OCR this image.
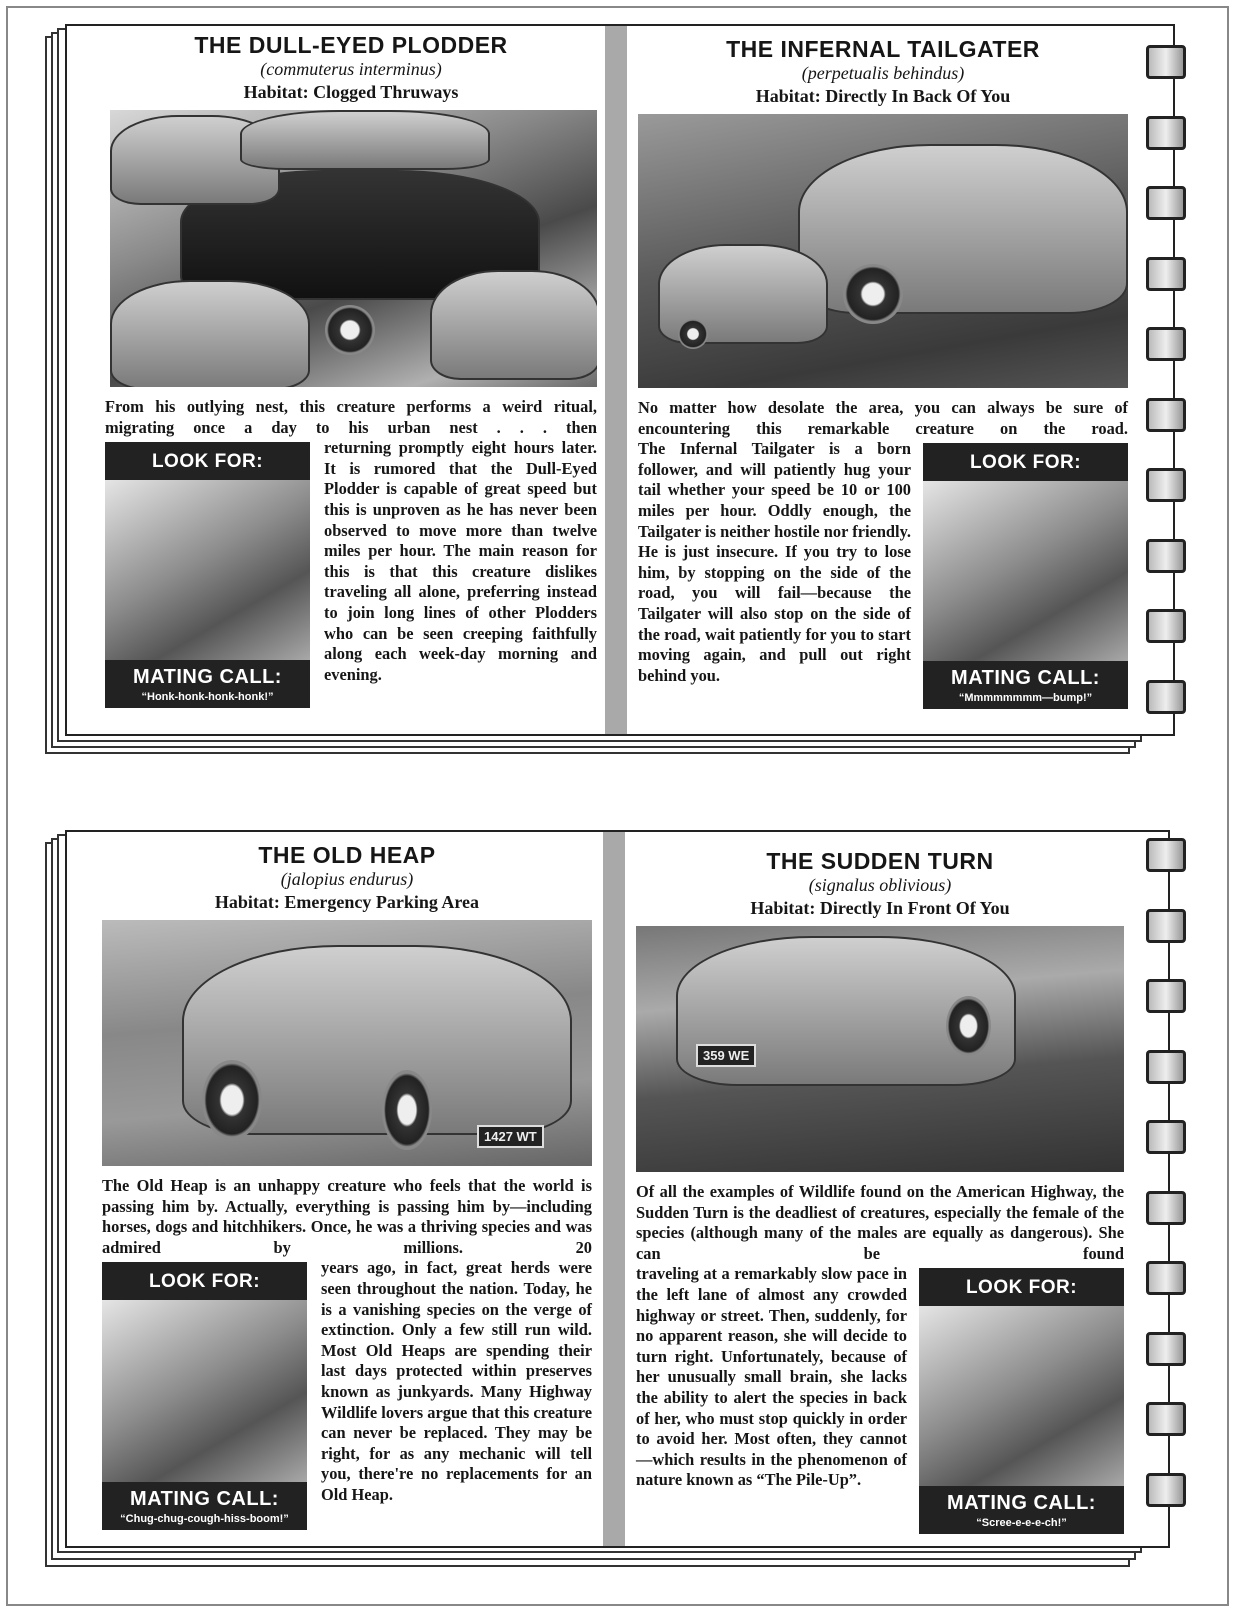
THE DULL-EYED PLODDER
(commuterus interminus)
Habitat: Clogged Thruways
From his outlying nest, this creature performs a weird ritual, migrating once a day to his urban nest . . . then
LOOK FOR:
MATING CALL:
“Honk-honk-honk-honk!”
returning promptly eight hours later. It is rumored that the Dull-Eyed Plodder is capable of great speed but this is unproven as he has never been observed to move more than twelve miles per hour. The main reason for this is that this creature dislikes traveling all alone, preferring instead to join long lines of other Plodders who can be seen creeping faithfully along each week-day morning and evening.
THE INFERNAL TAILGATER
(perpetualis behindus)
Habitat: Directly In Back Of You
No matter how desolate the area, you can always be sure of encountering this remarkable creature on the road.
LOOK FOR:
MATING CALL:
“Mmmmmmmm—bump!”
The Infernal Tailgater is a born follower, and will patiently hug your tail whether your speed be 10 or 100 miles per hour. Oddly enough, the Tailgater is neither hostile nor friendly. He is just insecure. If you try to lose him, by stopping on the side of the road, you will fail—because the Tailgater will also stop on the side of the road, wait patiently for you to start moving again, and pull out right behind you.
THE OLD HEAP
(jalopius endurus)
Habitat: Emergency Parking Area
1427 WT
The Old Heap is an unhappy creature who feels that the world is passing him by. Actually, everything is passing him by—including horses, dogs and hitchhikers. Once, he was a thriving species and was admired by millions. 20
LOOK FOR:
MATING CALL:
“Chug-chug-cough-hiss-boom!”
years ago, in fact, great herds were seen throughout the nation. Today, he is a vanishing species on the verge of extinction. Only a few still run wild. Most Old Heaps are spending their last days protected within preserves known as junkyards. Many Highway Wildlife lovers argue that this creature can never be replaced. They may be right, for as any mechanic will tell you, there're no replacements for an Old Heap.
THE SUDDEN TURN
(signalus oblivious)
Habitat: Directly In Front Of You
359 WE
Of all the examples of Wildlife found on the American Highway, the Sudden Turn is the deadliest of creatures, especially the female of the species (although many of the males are equally as dangerous). She can be found
LOOK FOR:
MATING CALL:
“Scree-e-e-e-ch!”
traveling at a remarkably slow pace in the left lane of almost any crowded highway or street. Then, suddenly, for no apparent reason, she will decide to turn right. Unfortunately, because of her unusually small brain, she lacks the ability to alert the species in back of her, who must stop quickly in order to avoid her. Most often, they cannot—which results in the phenomenon of nature known as “The Pile-Up”.
